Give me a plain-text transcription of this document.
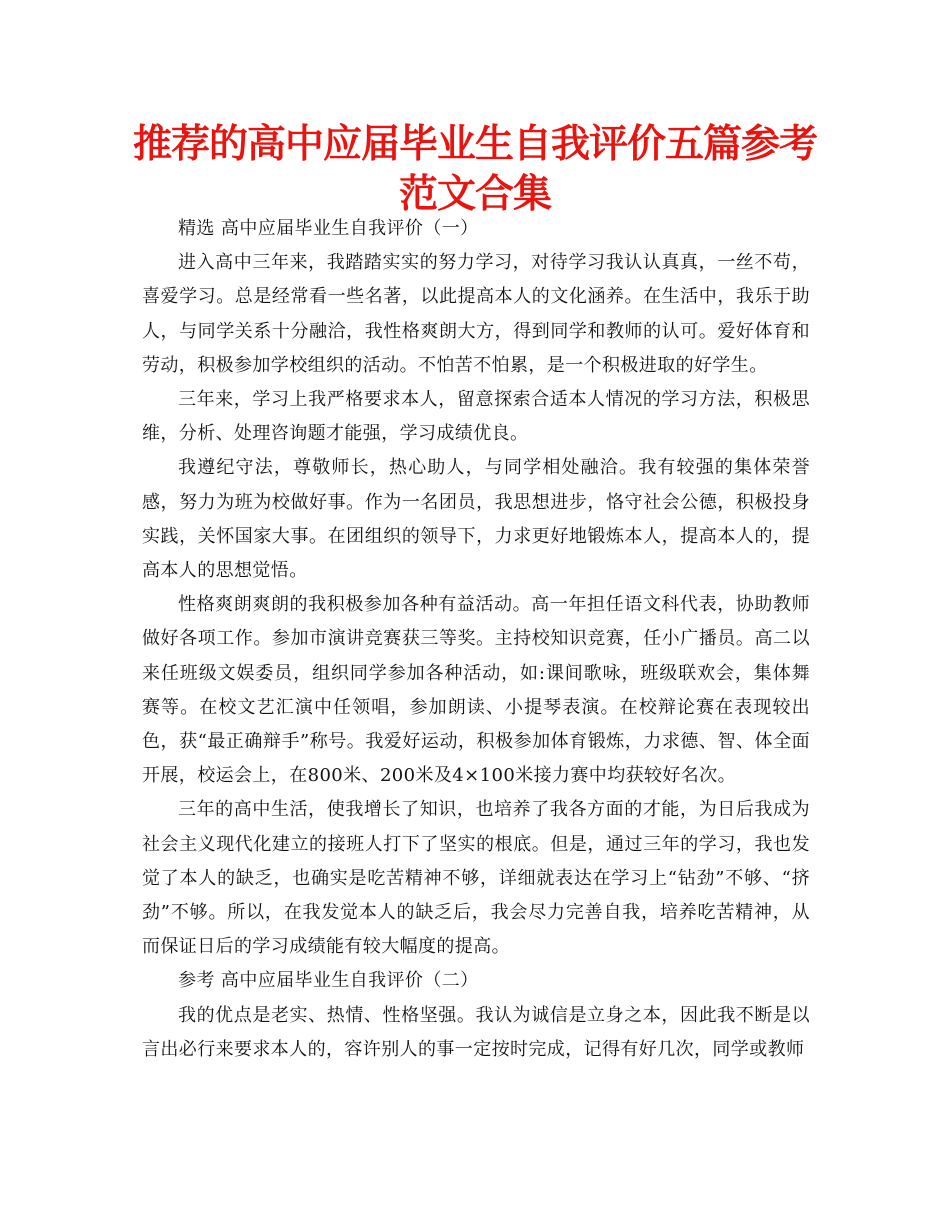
推荐的高中应届毕业生自我评价五篇参考范文合集

精选 高中应届毕业生自我评价（一）

进入高中三年来，我踏踏实实的努力学习，对待学习我认认真真，一丝不苟，喜爱学习。总是经常看一些名著，以此提高本人的文化涵养。在生活中，我乐于助人，与同学关系十分融洽，我性格爽朗大方，得到同学和教师的认可。爱好体育和劳动，积极参加学校组织的活动。不怕苦不怕累，是一个积极进取的好学生。

三年来，学习上我严格要求本人，留意探索合适本人情况的学习方法，积极思维，分析、处理咨询题才能强，学习成绩优良。

我遵纪守法，尊敬师长，热心助人，与同学相处融洽。我有较强的集体荣誉感，努力为班为校做好事。作为一名团员，我思想进步，恪守社会公德，积极投身实践，关怀国家大事。在团组织的领导下，力求更好地锻炼本人，提高本人的，提高本人的思想觉悟。

性格爽朗爽朗的我积极参加各种有益活动。高一年担任语文科代表，协助教师做好各项工作。参加市演讲竞赛获三等奖。主持校知识竞赛，任小广播员。高二以来任班级文娱委员，组织同学参加各种活动，如:课间歌咏，班级联欢会，集体舞赛等。在校文艺汇演中任领唱，参加朗读、小提琴表演。在校辩论赛在表现较出色，获“最正确辩手”称号。我爱好运动，积极参加体育锻炼，力求德、智、体全面开展，校运会上，在800米、200米及4×100米接力赛中均获较好名次。

三年的高中生活，使我增长了知识，也培养了我各方面的才能，为日后我成为社会主义现代化建立的接班人打下了坚实的根底。但是，通过三年的学习，我也发觉了本人的缺乏，也确实是吃苦精神不够，详细就表达在学习上“钻劲”不够、“挤劲”不够。所以，在我发觉本人的缺乏后，我会尽力完善自我，培养吃苦精神，从而保证日后的学习成绩能有较大幅度的提高。

参考 高中应届毕业生自我评价（二）

我的优点是老实、热情、性格坚强。我认为诚信是立身之本，因此我不断是以言出必行来要求本人的，容许别人的事一定按时完成，记得有好几次，同学或教师
